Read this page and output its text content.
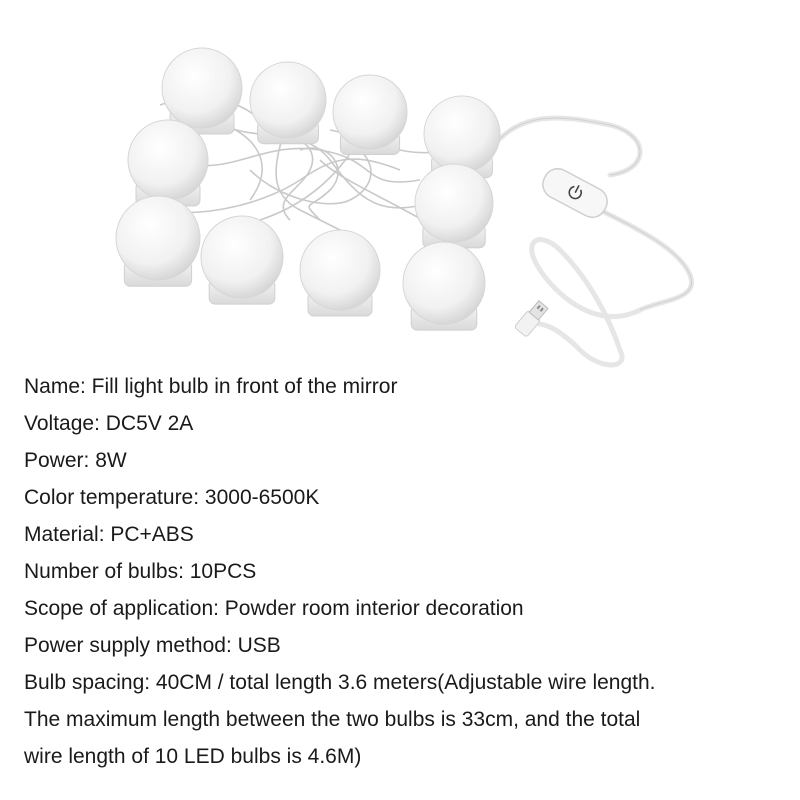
Name: Fill light bulb in front of the mirror
Voltage: DC5V 2A
Power: 8W
Color temperature: 3000-6500K
Material: PC+ABS
Number of bulbs: 10PCS
Scope of application: Powder room interior decoration
Power supply method: USB
Bulb spacing: 40CM / total length 3.6 meters(Adjustable wire length.
The maximum length between the two bulbs is 33cm, and the total
wire length of 10 LED bulbs is 4.6M)
